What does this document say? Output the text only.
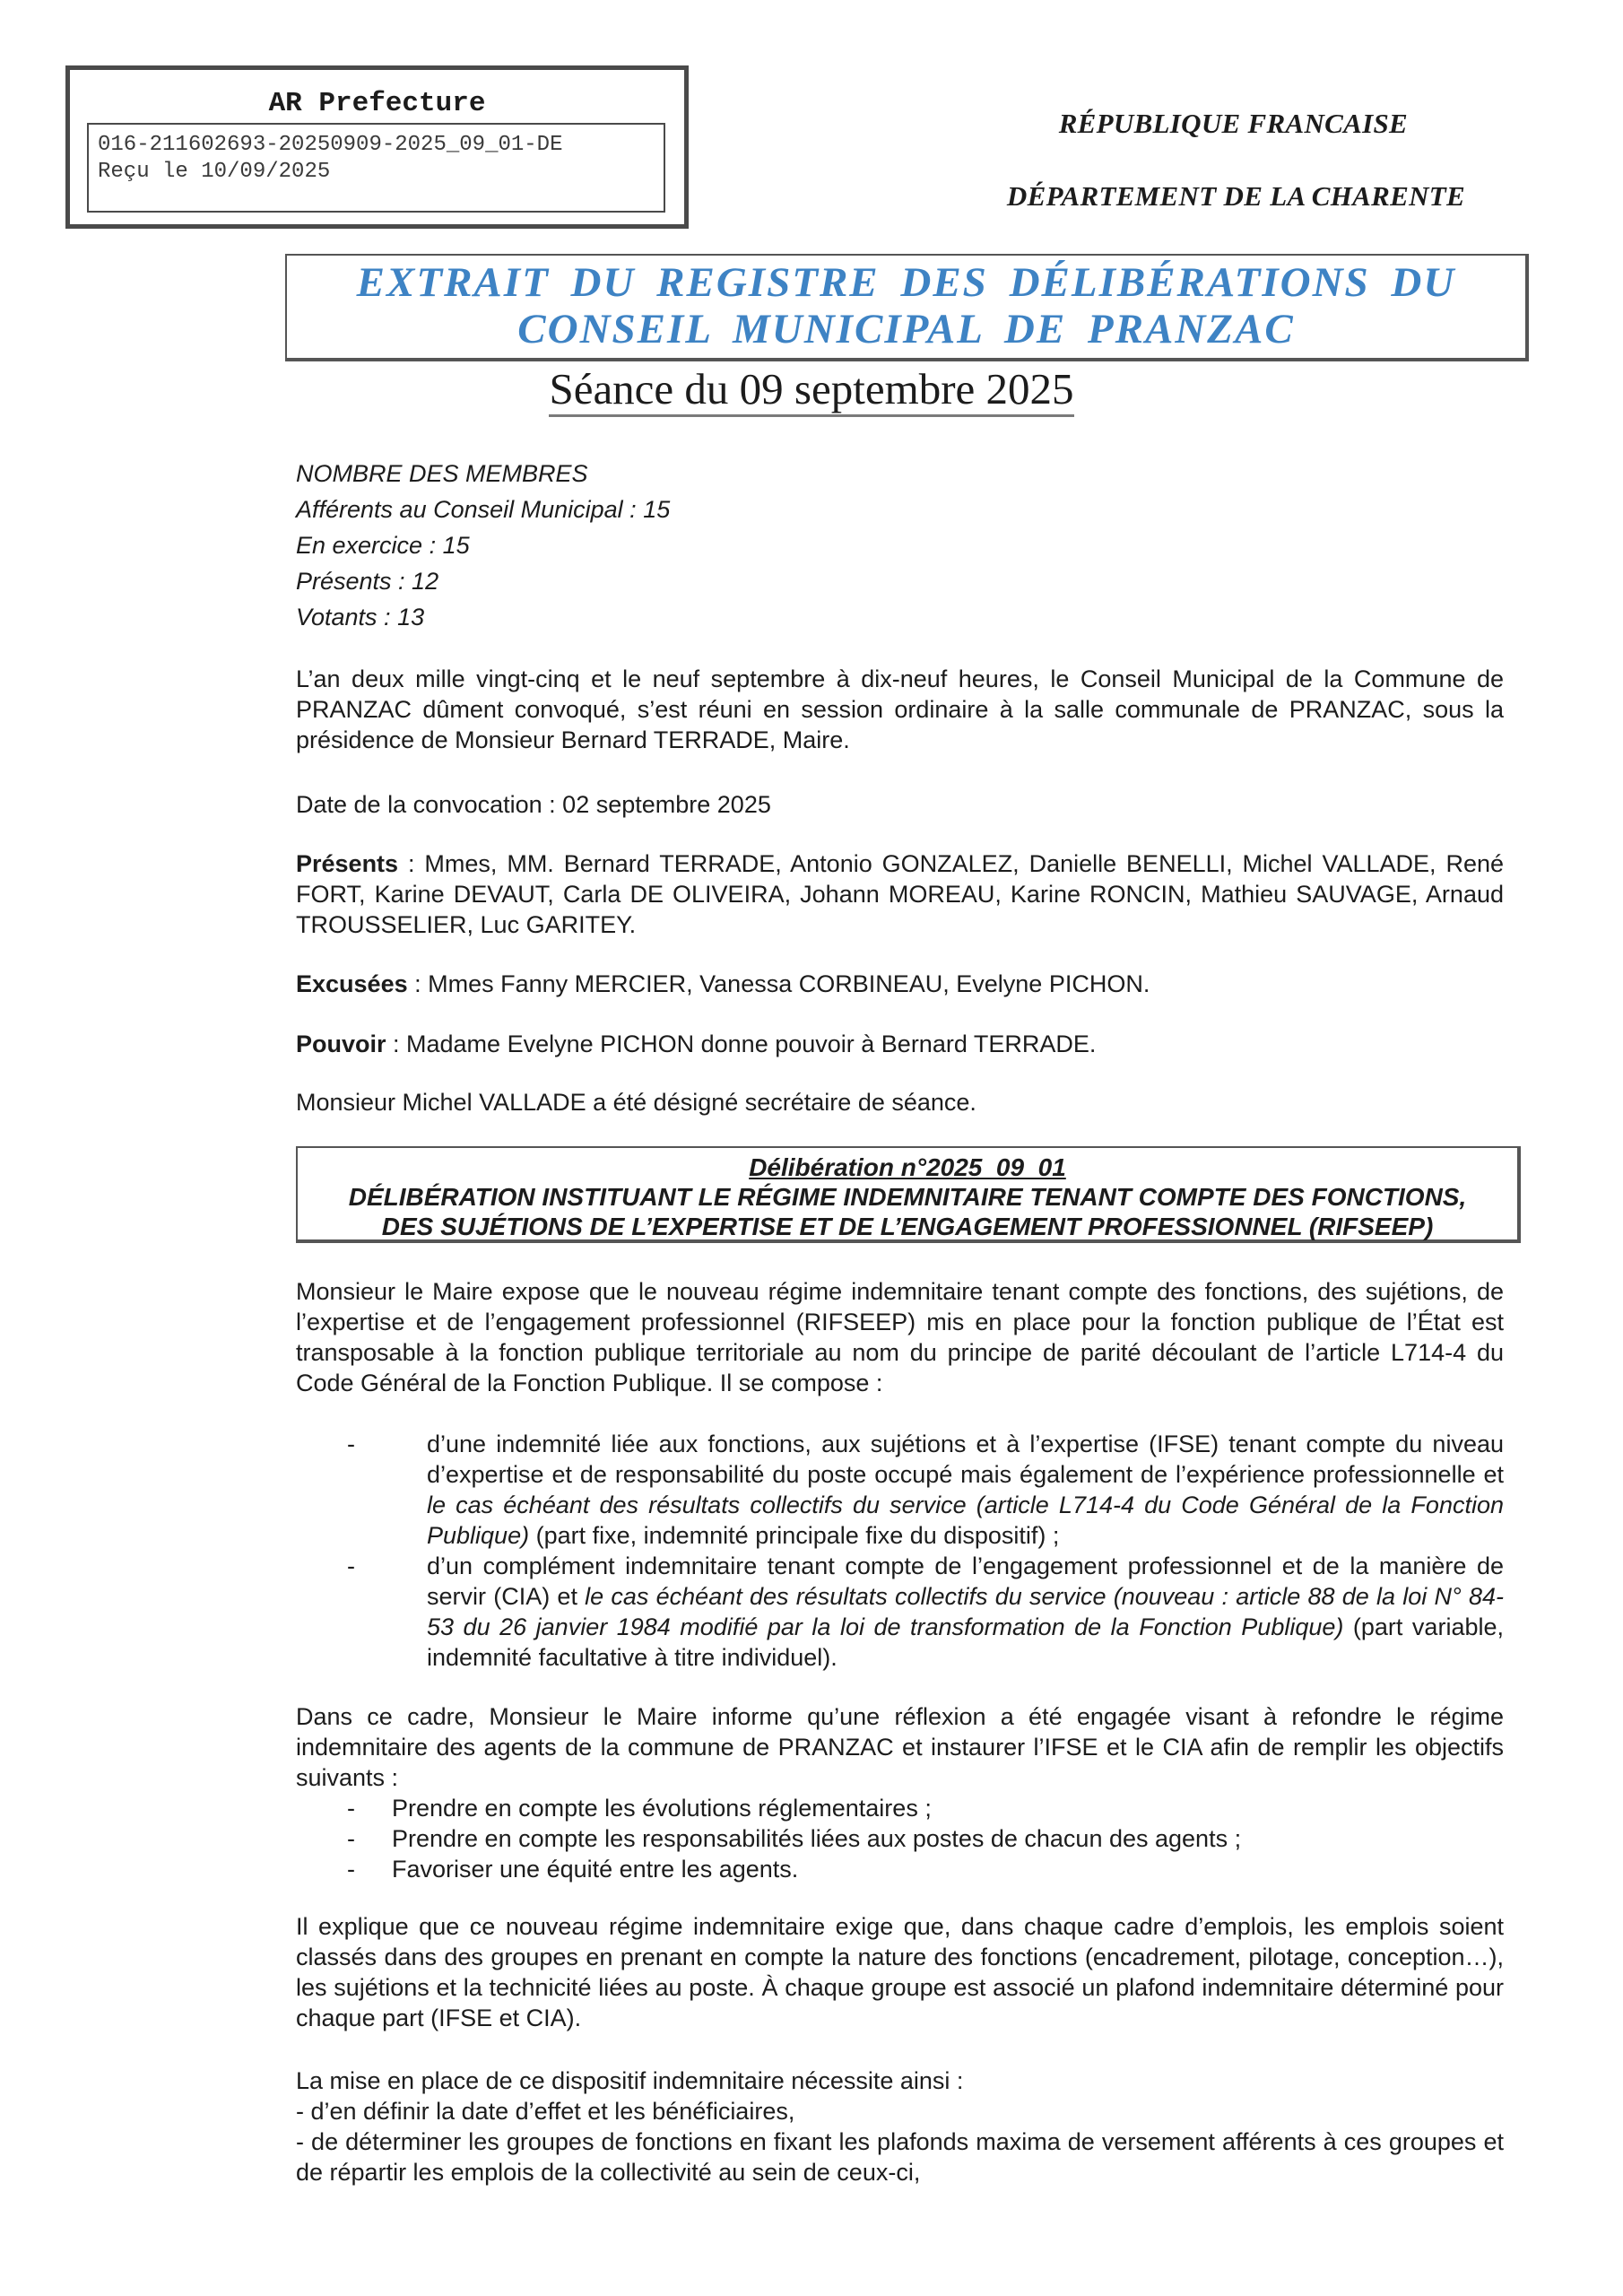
AR Prefecture
016-211602693-20250909-2025_09_01-DE
Reçu le 10/09/2025
RÉPUBLIQUE FRANCAISE
DÉPARTEMENT DE LA CHARENTE
EXTRAIT DU REGISTRE DES DÉLIBÉRATIONS DU
CONSEIL MUNICIPAL DE PRANZAC
Séance du 09 septembre 2025
NOMBRE DES MEMBRES
Afférents au Conseil Municipal : 15
En exercice : 15
Présents : 12
Votants : 13
L’an deux mille vingt-cinq et le neuf septembre à dix-neuf heures, le Conseil Municipal de la Commune de PRANZAC dûment convoqué, s’est réuni en session ordinaire à la salle communale de PRANZAC, sous la présidence de Monsieur Bernard TERRADE, Maire.
Date de la convocation : 02 septembre 2025
Présents : Mmes, MM. Bernard TERRADE, Antonio GONZALEZ, Danielle BENELLI, Michel VALLADE, René FORT, Karine DEVAUT, Carla DE OLIVEIRA, Johann MOREAU, Karine RONCIN, Mathieu SAUVAGE, Arnaud TROUSSELIER, Luc GARITEY.
Excusées : Mmes Fanny MERCIER, Vanessa CORBINEAU, Evelyne PICHON.
Pouvoir : Madame Evelyne PICHON donne pouvoir à Bernard TERRADE.
Monsieur Michel VALLADE a été désigné secrétaire de séance.
Délibération n°2025_09_01
DÉLIBÉRATION INSTITUANT LE RÉGIME INDEMNITAIRE TENANT COMPTE DES FONCTIONS,
DES SUJÉTIONS DE L’EXPERTISE ET DE L’ENGAGEMENT PROFESSIONNEL (RIFSEEP)
Monsieur le Maire expose que le nouveau régime indemnitaire tenant compte des fonctions, des sujétions, de l’expertise et de l’engagement professionnel (RIFSEEP) mis en place pour la fonction publique de l’État est transposable à la fonction publique territoriale au nom du principe de parité découlant de l’article L714-4 du Code Général de la Fonction Publique. Il se compose :
-	d’une indemnité liée aux fonctions, aux sujétions et à l’expertise (IFSE) tenant compte du niveau d’expertise et de responsabilité du poste occupé mais également de l’expérience professionnelle et le cas échéant des résultats collectifs du service (article L714-4 du Code Général de la Fonction Publique) (part fixe, indemnité principale fixe du dispositif) ;
-	d’un complément indemnitaire tenant compte de l’engagement professionnel et de la manière de servir (CIA) et le cas échéant des résultats collectifs du service (nouveau : article 88 de la loi N° 84-53 du 26 janvier 1984 modifié par la loi de transformation de la Fonction Publique) (part variable, indemnité facultative à titre individuel).
Dans ce cadre, Monsieur le Maire informe qu’une réflexion a été engagée visant à refondre le régime indemnitaire des agents de la commune de PRANZAC et instaurer l’IFSE et le CIA afin de remplir les objectifs suivants :
- Prendre en compte les évolutions réglementaires ;
- Prendre en compte les responsabilités liées aux postes de chacun des agents ;
- Favoriser une équité entre les agents.
Il explique que ce nouveau régime indemnitaire exige que, dans chaque cadre d’emplois, les emplois soient classés dans des groupes en prenant en compte la nature des fonctions (encadrement, pilotage, conception…), les sujétions et la technicité liées au poste. À chaque groupe est associé un plafond indemnitaire déterminé pour chaque part (IFSE et CIA).
La mise en place de ce dispositif indemnitaire nécessite ainsi :
- d’en définir la date d’effet et les bénéficiaires,
- de déterminer les groupes de fonctions en fixant les plafonds maxima de versement afférents à ces groupes et de répartir les emplois de la collectivité au sein de ceux-ci,
